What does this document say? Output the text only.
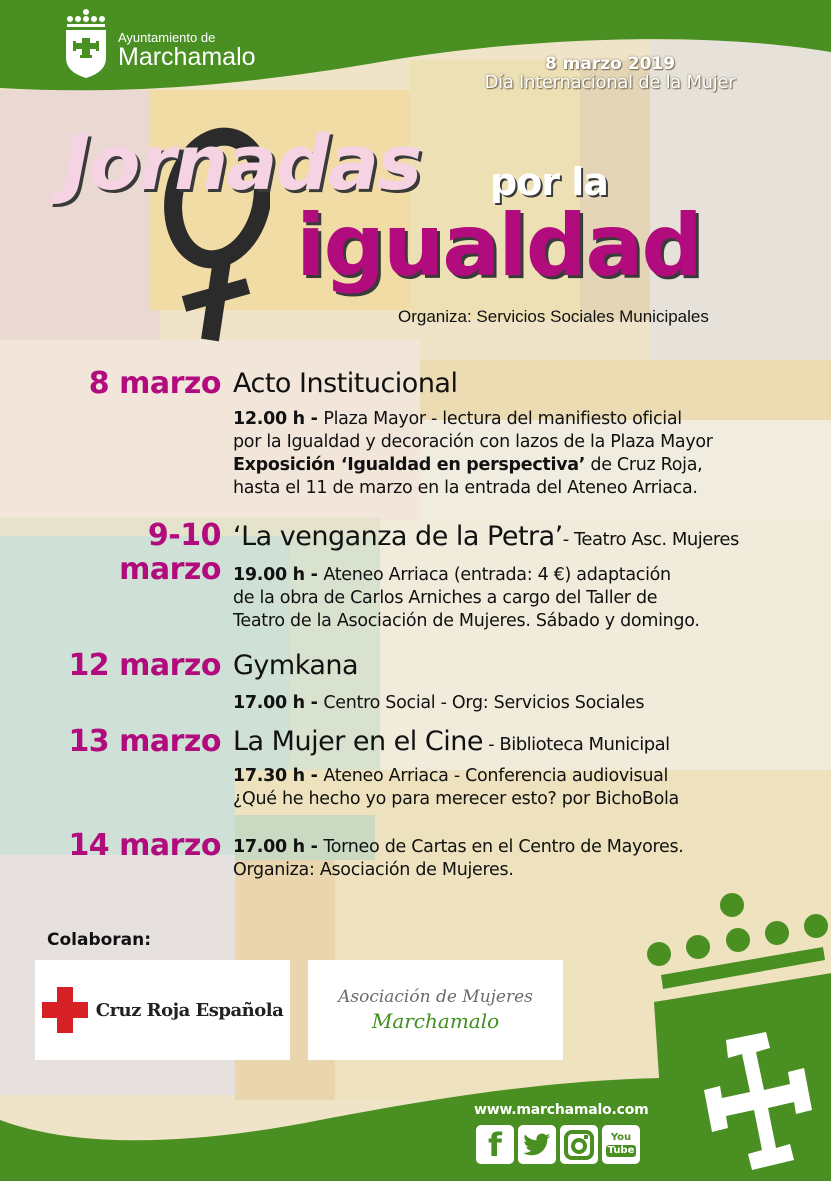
Ayuntamiento de
Marchamalo	8 marzo 2019
Día Internacional de la Mujer
Jornadas por la
igualdad
Organiza: Servicios Sociales Municipales
8 marzo Acto Institucional
12.00 h - Plaza Mayor - lectura del manifiesto oficial
por la Igualdad y decoración con lazos de la Plaza Mayor
Exposición ‘Igualdad en perspectiva’ de Cruz Roja,
hasta el 11 de marzo en la entrada del Ateneo Arriaca.
9-10
marzo
‘La venganza de la Petra’- Teatro Asc. Mujeres
19.00 h - Ateneo Arriaca (entrada: 4 €) adaptación
de la obra de Carlos Arniches a cargo del Taller de
Teatro de la Asociación de Mujeres. Sábado y domingo.
12 marzo Gymkana
17.00 h - Centro Social - Org: Servicios Sociales
13 marzo La Mujer en el Cine - Biblioteca Municipal
17.30 h - Ateneo Arriaca - Conferencia audiovisual
¿Qué he hecho yo para merecer esto? por BichoBola
14 marzo 17.00 h - Torneo de Cartas en el Centro de Mayores.
Organiza: Asociación de Mujeres.
Colaboran:
Cruz Roja Española
Asociación de Mujeres
Marchamalo
www.marchamalo.com
f	You
Tube
